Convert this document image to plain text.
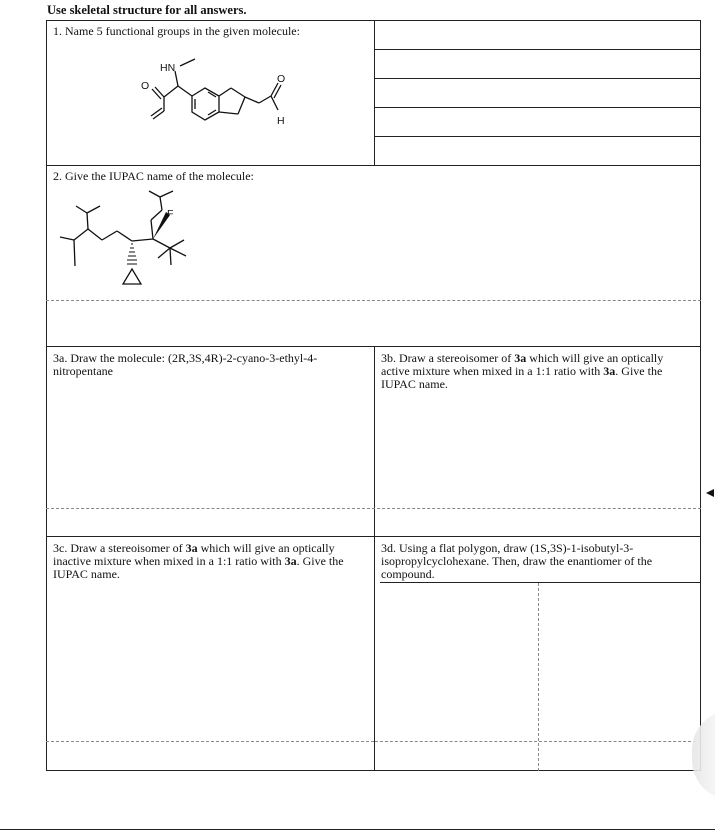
Use skeletal structure for all answers.
1. Name 5 functional groups in the given molecule:
2. Give the IUPAC name of the molecule:
3a. Draw the molecule: (2R,3S,4R)-2-cyano-3-ethyl-4-nitropentane
3b. Draw a stereoisomer of 3a which will give an optically active mixture when mixed in a 1:1 ratio with 3a. Give the IUPAC name.
3c. Draw a stereoisomer of 3a which will give an optically inactive mixture when mixed in a 1:1 ratio with 3a. Give the IUPAC name.
3d. Using a flat polygon, draw (1S,3S)-1-isobutyl-3-isopropylcyclohexane. Then, draw the enantiomer of the compound.
HN
O
O
H
F
